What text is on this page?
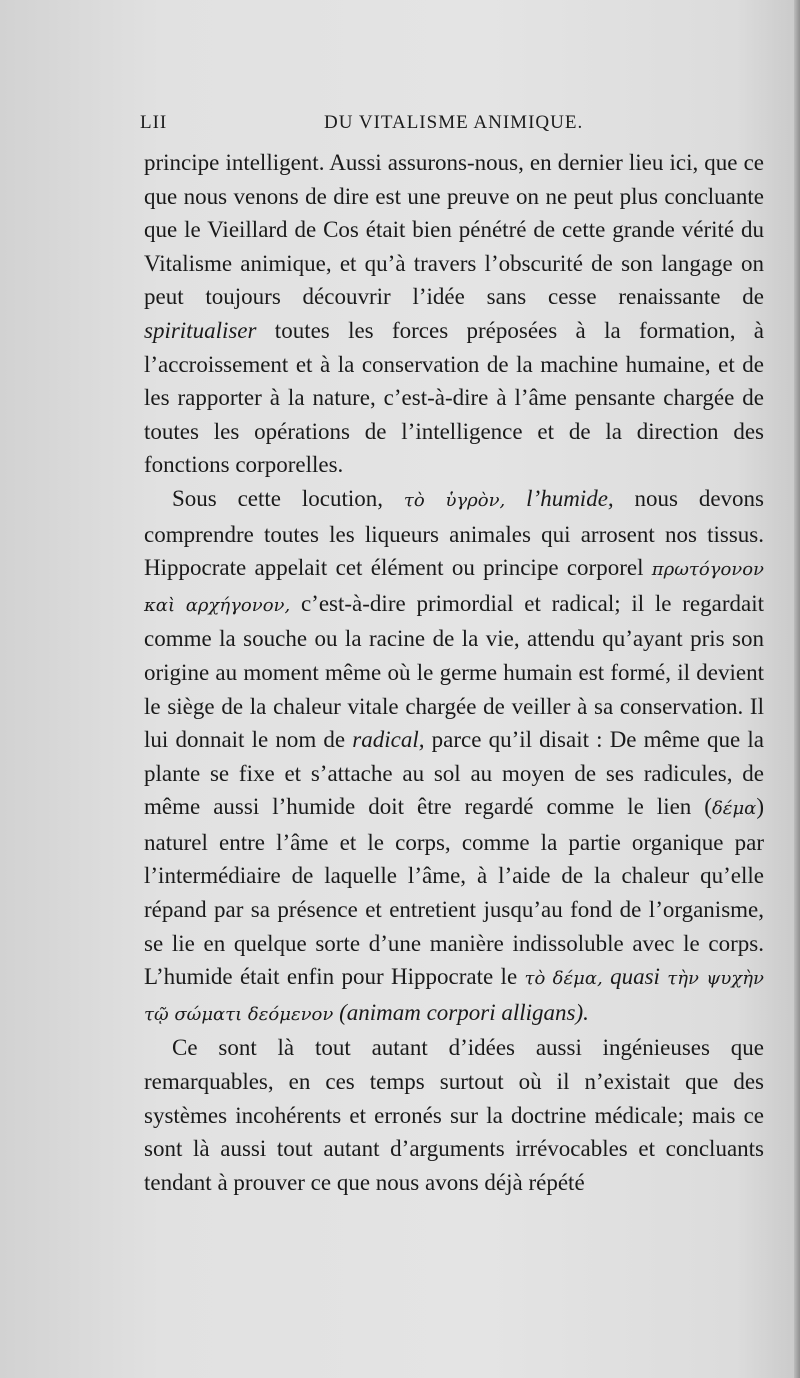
LII	DU VITALISME ANIMIQUE.

principe intelligent. Aussi assurons-nous, en dernier lieu ici, que ce que nous venons de dire est une preuve on ne peut plus concluante que le Vieillard de Cos était bien pénétré de cette grande vérité du Vitalisme animique, et qu’à travers l’obscurité de son langage on peut toujours découvrir l’idée sans cesse renaissante de spiritualiser toutes les forces préposées à la formation, à l’accroissement et à la conservation de la machine humaine, et de les rapporter à la nature, c’est-à-dire à l’âme pensante chargée de toutes les opérations de l’intelligence et de la direction des fonctions corporelles.

Sous cette locution, τὸ ὑγρὸν, l’humide, nous devons comprendre toutes les liqueurs animales qui arrosent nos tissus. Hippocrate appelait cet élément ou principe corporel πρωτόγονον καὶ αρχήγονον, c’est-à-dire primordial et radical; il le regardait comme la souche ou la racine de la vie, attendu qu’ayant pris son origine au moment même où le germe humain est formé, il devient le siège de la chaleur vitale chargée de veiller à sa conservation. Il lui donnait le nom de radical, parce qu’il disait : De même que la plante se fixe et s’attache au sol au moyen de ses radicules, de même aussi l’humide doit être regardé comme le lien (δέμα) naturel entre l’âme et le corps, comme la partie organique par l’intermédiaire de laquelle l’âme, à l’aide de la chaleur qu’elle répand par sa présence et entretient jusqu’au fond de l’organisme, se lie en quelque sorte d’une manière indissoluble avec le corps. L’humide était enfin pour Hippocrate le τὸ δέμα, quasi τὴν ψυχὴν τῷ σώματι δεόμενον (animam corpori alligans).

Ce sont là tout autant d’idées aussi ingénieuses que remarquables, en ces temps surtout où il n’existait que des systèmes incohérents et erronés sur la doctrine médicale; mais ce sont là aussi tout autant d’arguments irrévocables et concluants tendant à prouver ce que nous avons déjà répété
